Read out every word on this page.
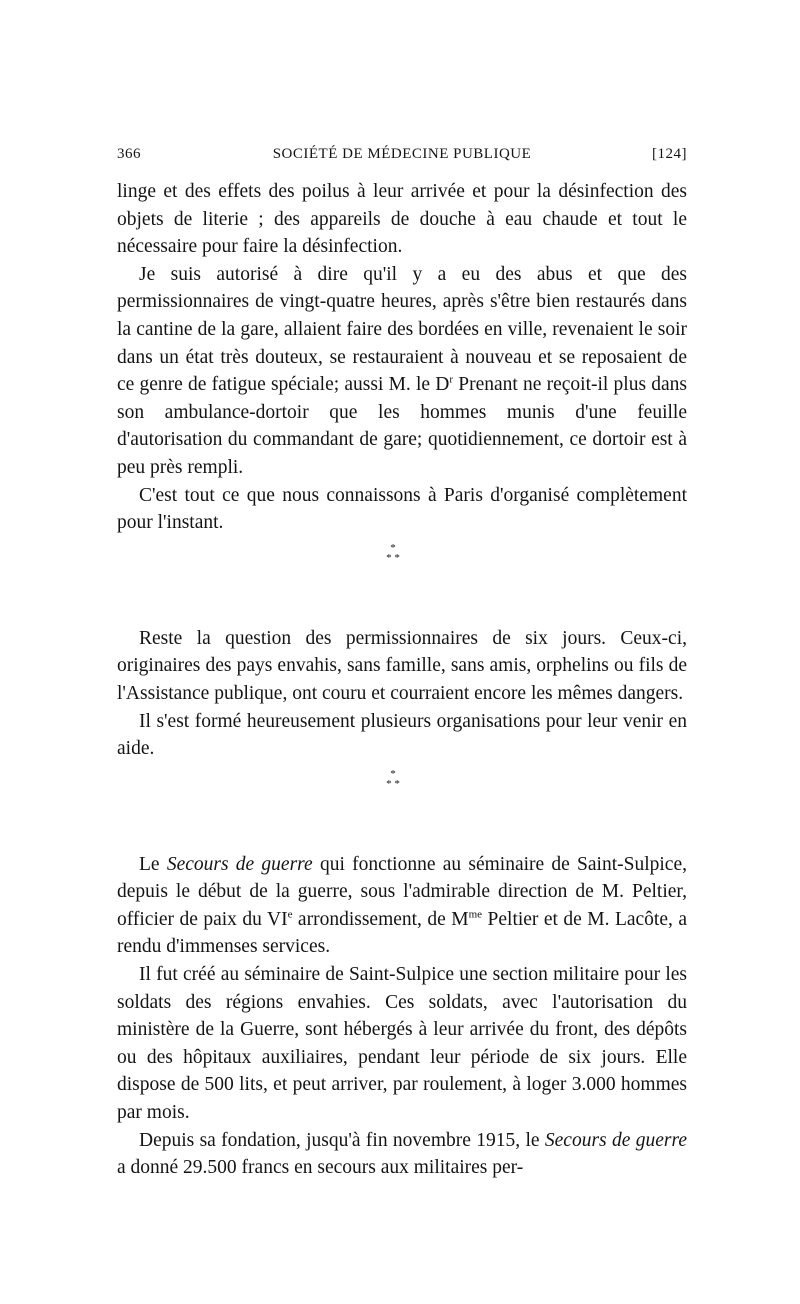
366	SOCIÉTÉ DE MÉDECINE PUBLIQUE	[124]

linge et des effets des poilus à leur arrivée et pour la désinfection des objets de literie ; des appareils de douche à eau chaude et tout le nécessaire pour faire la désinfection.

Je suis autorisé à dire qu'il y a eu des abus et que des permissionnaires de vingt-quatre heures, après s'être bien restaurés dans la cantine de la gare, allaient faire des bordées en ville, revenaient le soir dans un état très douteux, se restauraient à nouveau et se reposaient de ce genre de fatigue spéciale; aussi M. le $D^r$ Prenant ne reçoit-il plus dans son ambulance-dortoir que les hommes munis d'une feuille d'autorisation du commandant de gare; quotidiennement, ce dortoir est à peu près rempli.

C'est tout ce que nous connaissons à Paris d'organisé complètement pour l'instant.

*
* *

Reste la question des permissionnaires de six jours. Ceux-ci, originaires des pays envahis, sans famille, sans amis, orphelins ou fils de l'Assistance publique, ont couru et courraient encore les mêmes dangers.

Il s'est formé heureusement plusieurs organisations pour leur venir en aide.

*
* *

Le Secours de guerre qui fonctionne au séminaire de Saint-Sulpice, depuis le début de la guerre, sous l'admirable direction de M. Peltier, officier de paix du VIe arrondissement, de $M^{me}$ Peltier et de M. Lacôte, a rendu d'immenses services.

Il fut créé au séminaire de Saint-Sulpice une section militaire pour les soldats des régions envahies. Ces soldats, avec l'autorisation du ministère de la Guerre, sont hébergés à leur arrivée du front, des dépôts ou des hôpitaux auxiliaires, pendant leur période de six jours. Elle dispose de 500 lits, et peut arriver, par roulement, à loger 3.000 hommes par mois.

Depuis sa fondation, jusqu'à fin novembre 1915, le Secours de guerre a donné 29.500 francs en secours aux militaires per-
